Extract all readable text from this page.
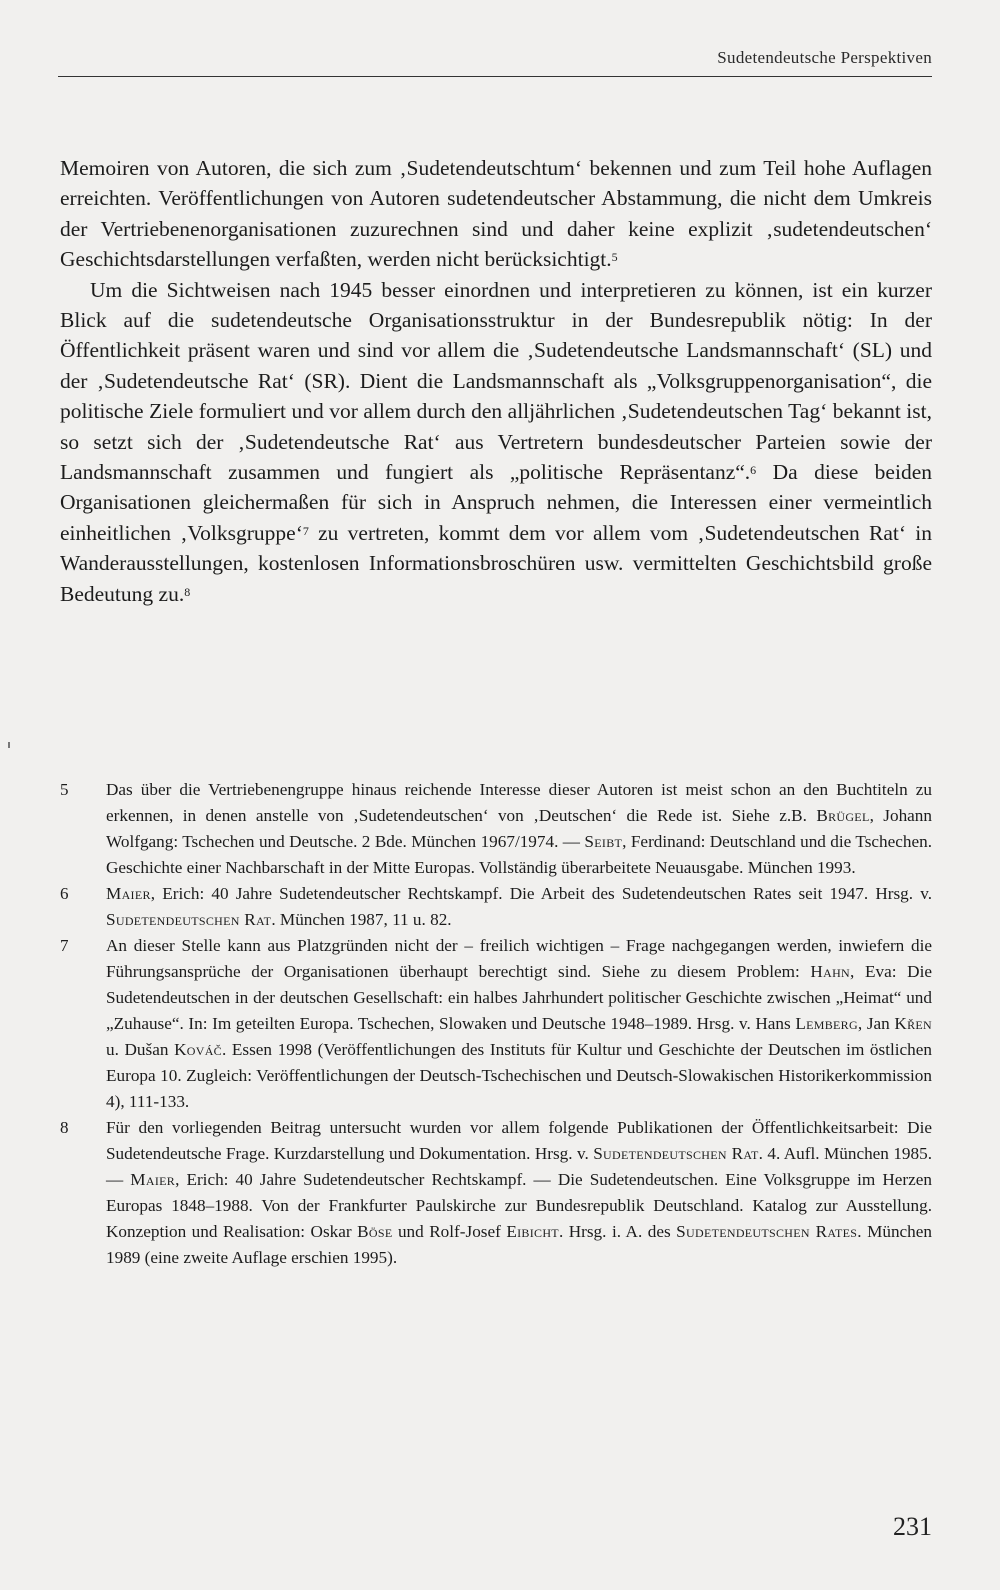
Sudetendeutsche Perspektiven

Memoiren von Autoren, die sich zum ‚Sudetendeutschtum‘ bekennen und zum Teil hohe Auflagen erreichten. Veröffentlichungen von Autoren sudetendeutscher Abstammung, die nicht dem Umkreis der Vertriebenenorganisationen zuzurechnen sind und daher keine explizit ‚sudetendeutschen‘ Geschichtsdarstellungen verfaßten, werden nicht berücksichtigt.$^5$

Um die Sichtweisen nach 1945 besser einordnen und interpretieren zu können, ist ein kurzer Blick auf die sudetendeutsche Organisationsstruktur in der Bundesrepublik nötig: In der Öffentlichkeit präsent waren und sind vor allem die ‚Sudetendeutsche Landsmannschaft‘ (SL) und der ‚Sudetendeutsche Rat‘ (SR). Dient die Landsmannschaft als „Volksgruppenorganisation“, die politische Ziele formuliert und vor allem durch den alljährlichen ‚Sudetendeutschen Tag‘ bekannt ist, so setzt sich der ‚Sudetendeutsche Rat‘ aus Vertretern bundesdeutscher Parteien sowie der Landsmannschaft zusammen und fungiert als „politische Repräsentanz“.$^6$ Da diese beiden Organisationen gleichermaßen für sich in Anspruch nehmen, die Interessen einer vermeintlich einheitlichen ‚Volksgruppe‘$^7$ zu vertreten, kommt dem vor allem vom ‚Sudetendeutschen Rat‘ in Wanderausstellungen, kostenlosen Informationsbroschüren usw. vermittelten Geschichtsbild große Bedeutung zu.$^8$

5	Das über die Vertriebenengruppe hinaus reichende Interesse dieser Autoren ist meist schon an den Buchtiteln zu erkennen, in denen anstelle von ‚Sudetendeutschen‘ von ‚Deutschen‘ die Rede ist. Siehe z.B. Brügel, Johann Wolfgang: Tschechen und Deutsche. 2 Bde. München 1967/1974. — Seibt, Ferdinand: Deutschland und die Tschechen. Geschichte einer Nachbarschaft in der Mitte Europas. Vollständig überarbeitete Neuausgabe. München 1993.
6	Maier, Erich: 40 Jahre Sudetendeutscher Rechtskampf. Die Arbeit des Sudetendeutschen Rates seit 1947. Hrsg. v. Sudetendeutschen Rat. München 1987, 11 u. 82.
7	An dieser Stelle kann aus Platzgründen nicht der – freilich wichtigen – Frage nachgegangen werden, inwiefern die Führungsansprüche der Organisationen überhaupt berechtigt sind. Siehe zu diesem Problem: Hahn, Eva: Die Sudetendeutschen in der deutschen Gesellschaft: ein halbes Jahrhundert politischer Geschichte zwischen „Heimat“ und „Zuhause“. In: Im geteilten Europa. Tschechen, Slowaken und Deutsche 1948–1989. Hrsg. v. Hans Lemberg, Jan Křen u. Dušan Kováč. Essen 1998 (Veröffentlichungen des Instituts für Kultur und Geschichte der Deutschen im östlichen Europa 10. Zugleich: Veröffentlichungen der Deutsch-Tschechischen und Deutsch-Slowakischen Historikerkommission 4), 111-133.
8	Für den vorliegenden Beitrag untersucht wurden vor allem folgende Publikationen der Öffentlichkeitsarbeit: Die Sudetendeutsche Frage. Kurzdarstellung und Dokumentation. Hrsg. v. Sudetendeutschen Rat. 4. Aufl. München 1985. — Maier, Erich: 40 Jahre Sudetendeutscher Rechtskampf. — Die Sudetendeutschen. Eine Volksgruppe im Herzen Europas 1848–1988. Von der Frankfurter Paulskirche zur Bundesrepublik Deutschland. Katalog zur Ausstellung. Konzeption und Realisation: Oskar Böse und Rolf-Josef Eibicht. Hrsg. i. A. des Sudetendeutschen Rates. München 1989 (eine zweite Auflage erschien 1995).
231
